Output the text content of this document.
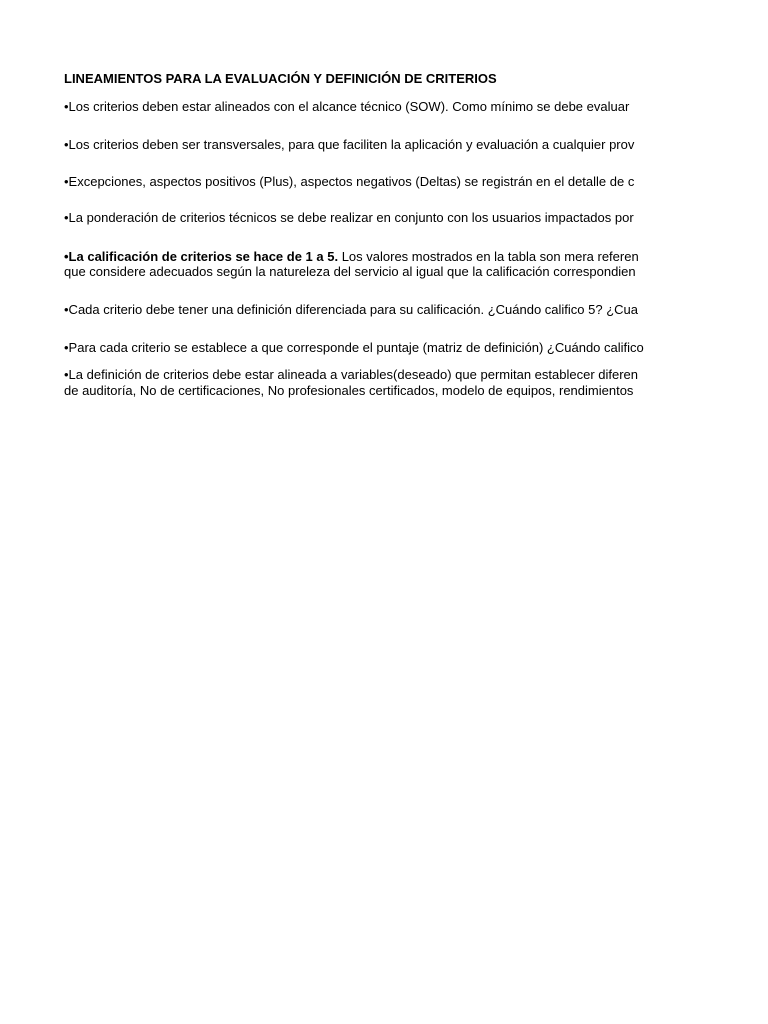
LINEAMIENTOS PARA LA EVALUACIÓN Y DEFINICIÓN DE CRITERIOS
•Los criterios deben estar alineados con el alcance técnico (SOW). Como mínimo se debe evaluar
•Los criterios deben ser transversales, para que faciliten la aplicación y evaluación a cualquier prov
•Excepciones, aspectos positivos (Plus), aspectos negativos (Deltas) se registrán en el detalle de c
•La ponderación de criterios técnicos se debe realizar en conjunto con los usuarios impactados por
•La calificación de criterios se hace de 1 a 5. Los valores mostrados en la tabla son mera referen
que considere adecuados según la natureleza del servicio al igual que la calificación correspondien
•Cada criterio debe tener una definición diferenciada para su calificación. ¿Cuándo califico 5? ¿Cua
•Para cada criterio se establece a que corresponde el puntaje (matriz de definición) ¿Cuándo califico
•La definición de criterios debe estar alineada a variables(deseado) que permitan establecer diferen
de auditoría, No de certificaciones, No profesionales certificados, modelo de equipos, rendimientos
